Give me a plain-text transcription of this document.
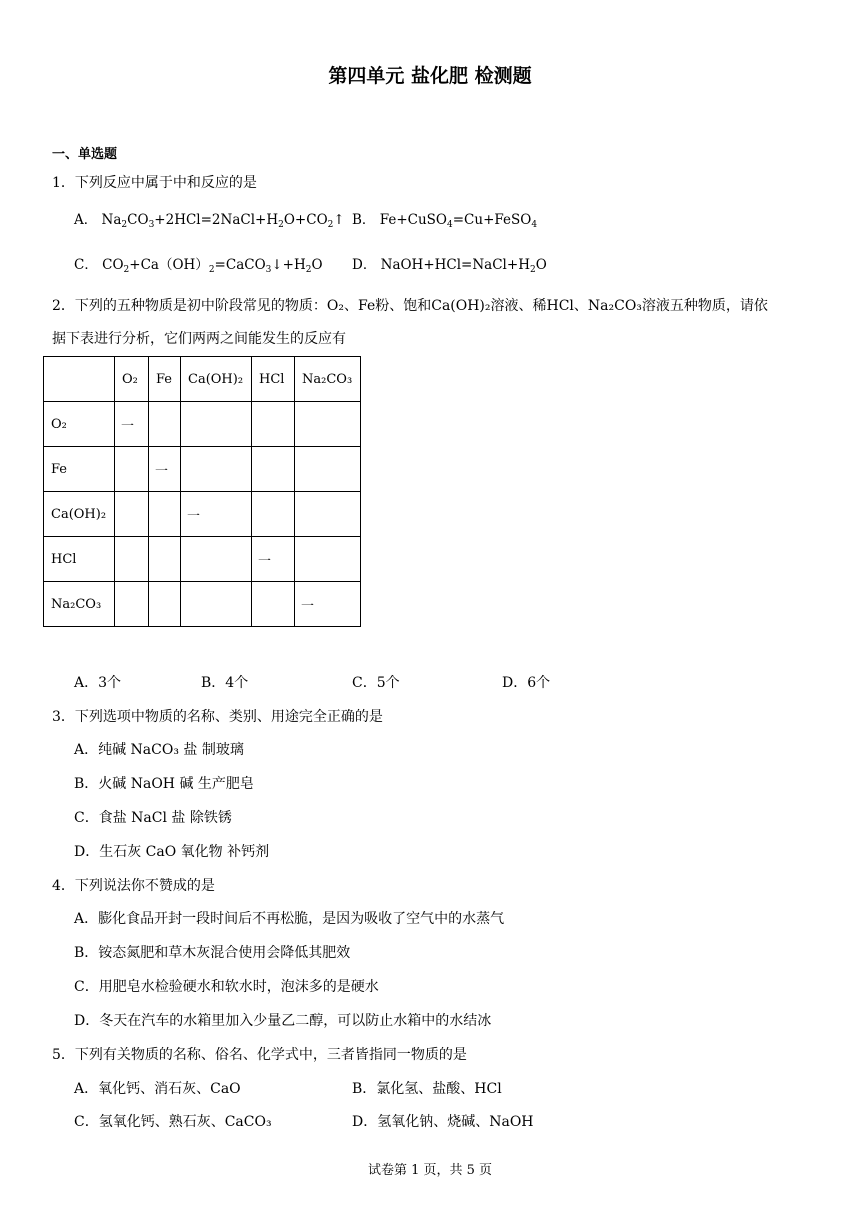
第四单元 盐化肥 检测题
一、单选题
1．下列反应中属于中和反应的是
A． $Na_2CO_3+2HCl=2NaCl+H_2O+CO_2↑$ B． Fe+CuSO$_4$=Cu+FeSO$_4$
C． $CO_2+Ca(OH)_2=CaCO_3↓+H_2O$ D． $NaOH+HCl=NaCl+H_2O$
2．下列的五种物质是初中阶段常见的物质：O₂、Fe粉、饱和Ca(OH)₂溶液、稀HCl、Na₂CO₃溶液五种物质，请依
据下表进行分析，它们两两之间能发生的反应有
	O₂	Fe	Ca(OH)₂	HCl	Na₂CO₃
O₂	一				
Fe		一			
Ca(OH)₂			一		
HCl				一	
Na₂CO₃					一
A．3个	B．4个	C．5个	D．6个
3．下列选项中物质的名称、类别、用途完全正确的是
A．纯碱 NaCO₃ 盐 制玻璃
B．火碱 NaOH 碱 生产肥皂
C．食盐 NaCl 盐 除铁锈
D．生石灰 CaO 氧化物 补钙剂
4．下列说法你不赞成的是
A．膨化食品开封一段时间后不再松脆，是因为吸收了空气中的水蒸气
B．铵态氮肥和草木灰混合使用会降低其肥效
C．用肥皂水检验硬水和软水时，泡沫多的是硬水
D．冬天在汽车的水箱里加入少量乙二醇，可以防止水箱中的水结冰
5．下列有关物质的名称、俗名、化学式中，三者皆指同一物质的是
A．氧化钙、消石灰、CaO	B．氯化氢、盐酸、HCl
C．氢氧化钙、熟石灰、CaCO₃	D．氢氧化钠、烧碱、NaOH
试卷第 1 页，共 5 页
